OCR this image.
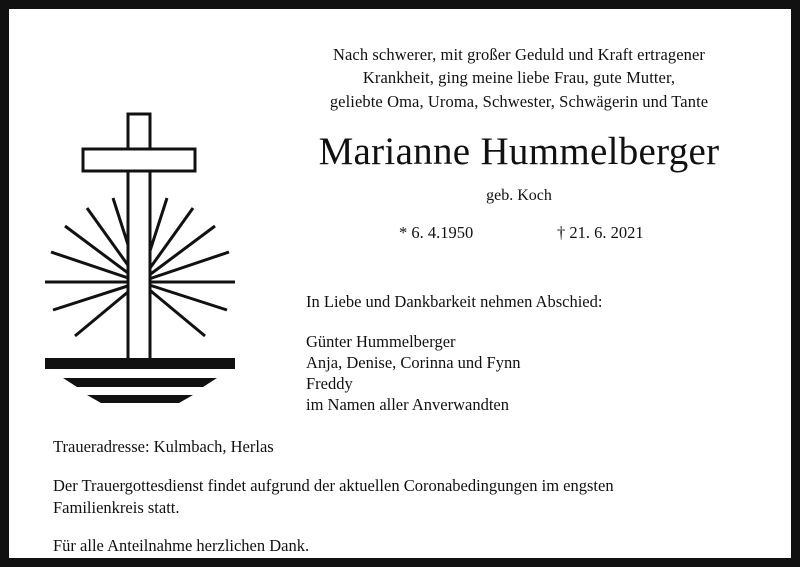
Nach schwerer, mit großer Geduld und Kraft ertragener
Krankheit, ging meine liebe Frau, gute Mutter,
geliebte Oma, Uroma, Schwester, Schwägerin und Tante
Marianne Hummelberger
geb. Koch
* 6. 4.1950	† 21. 6. 2021
In Liebe und Dankbarkeit nehmen Abschied:
Günter Hummelberger
Anja, Denise, Corinna und Fynn
Freddy
im Namen aller Anverwandten
Traueradresse: Kulmbach, Herlas
Der Trauergottesdienst findet aufgrund der aktuellen Coronabedingungen im engsten
Familienkreis statt.
Für alle Anteilnahme herzlichen Dank.
